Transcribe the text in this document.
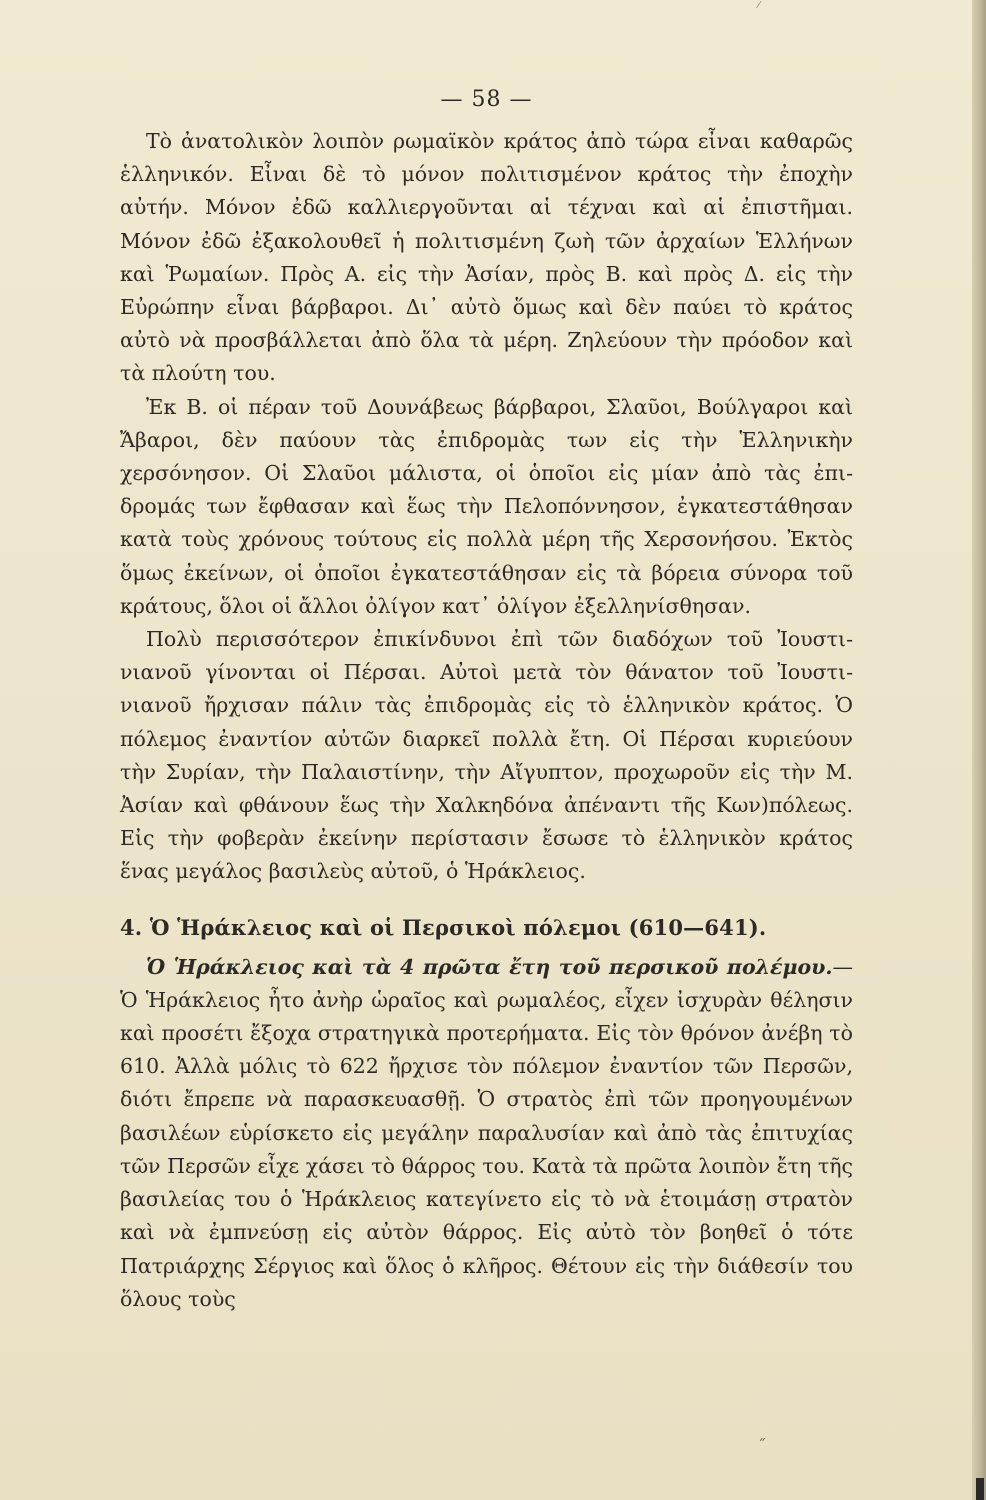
⁄
— 58 —

Τὸ ἀνατολικὸν λοιπὸν ρωμαϊκὸν κράτος ἀπὸ τώρα εἶναι καθαρῶς ἑλληνικόν. Εἶναι δὲ τὸ μόνον πολιτισμένον κράτος τὴν ἐποχὴν αὐτήν. Μόνον ἐδῶ καλλιεργοῦνται αἱ τέχναι καὶ αἱ ἐπιστῆμαι. Μόνον ἐδῶ ἐξακολουθεῖ ἡ πολιτισμένη ζωὴ τῶν ἀρχαίων Ἑλλήνων καὶ Ῥωμαίων. Πρὸς Α. εἰς τὴν Ἀσίαν, πρὸς Β. καὶ πρὸς Δ. εἰς τὴν Εὐρώπην εἶναι βάρβαροι. Δι᾽ αὐτὸ ὅμως καὶ δὲν παύει τὸ κράτος αὐτὸ νὰ προσβάλλεται ἀπὸ ὅλα τὰ μέρη. Ζηλεύουν τὴν πρόοδον καὶ τὰ πλούτη του.

Ἐκ Β. οἱ πέραν τοῦ Δουνάβεως βάρβαροι, Σλαῦοι, Βούλγαροι καὶ Ἄβαροι, δὲν παύουν τὰς ἐπιδρομὰς των εἰς τὴν Ἑλληνικὴν χερσόνησον. Οἱ Σλαῦοι μάλιστα, οἱ ὁποῖοι εἰς μίαν ἀπὸ τὰς ἐπιδρομάς των ἔφθασαν καὶ ἕως τὴν Πελοπόννησον, ἐγκατεστάθησαν κατὰ τοὺς χρόνους τούτους εἰς πολλὰ μέρη τῆς Χερσονήσου. Ἐκτὸς ὅμως ἐκείνων, οἱ ὁποῖοι ἐγκατεστάθησαν εἰς τὰ βόρεια σύνορα τοῦ κράτους, ὅλοι οἱ ἄλλοι ὀλίγον κατ᾽ ὀλίγον ἐξελληνίσθησαν.

Πολὺ περισσότερον ἐπικίνδυνοι ἐπὶ τῶν διαδόχων τοῦ Ἰουστινιανοῦ γίνονται οἱ Πέρσαι. Αὐτοὶ μετὰ τὸν θάνατον τοῦ Ἰουστινιανοῦ ἤρχισαν πάλιν τὰς ἐπιδρομὰς εἰς τὸ ἑλληνικὸν κράτος. Ὁ πόλεμος ἐναντίον αὐτῶν διαρκεῖ πολλὰ ἔτη. Οἱ Πέρσαι κυριεύουν τὴν Συρίαν, τὴν Παλαιστίνην, τὴν Αἴγυπτον, προχωροῦν εἰς τὴν Μ. Ἀσίαν καὶ φθάνουν ἕως τὴν Χαλκηδόνα ἀπέναντι τῆς Κων)πόλεως. Εἰς τὴν φοβερὰν ἐκείνην περίστασιν ἔσωσε τὸ ἑλληνικὸν κράτος ἕνας μεγάλος βασιλεὺς αὐτοῦ, ὁ Ἡράκλειος.

4. Ὁ Ἡράκλειος καὶ οἱ Περσικοὶ πόλεμοι (610—641).

Ὁ Ἡράκλειος καὶ τὰ 4 πρῶτα ἔτη τοῦ περσικοῦ πολέμου.—Ὁ Ἡράκλειος ἦτο ἀνὴρ ὡραῖος καὶ ρωμαλέος, εἶχεν ἰσχυρὰν θέλησιν καὶ προσέτι ἔξοχα στρατηγικὰ προτερήματα. Εἰς τὸν θρόνον ἀνέβη τὸ 610. Ἀλλὰ μόλις τὸ 622 ἤρχισε τὸν πόλεμον ἐναντίον τῶν Περσῶν, διότι ἔπρεπε νὰ παρασκευασθῇ. Ὁ στρατὸς ἐπὶ τῶν προηγουμένων βασιλέων εὑρίσκετο εἰς μεγάλην παραλυσίαν καὶ ἀπὸ τὰς ἐπιτυχίας τῶν Περσῶν εἶχε χάσει τὸ θάρρος του. Κατὰ τὰ πρῶτα λοιπὸν ἔτη τῆς βασιλείας του ὁ Ἡράκλειος κατεγίνετο εἰς τὸ νὰ ἑτοιμάσῃ στρατὸν καὶ νὰ ἐμπνεύσῃ εἰς αὐτὸν θάρρος. Εἰς αὐτὸ τὸν βοηθεῖ ὁ τότε Πατριάρχης Σέργιος καὶ ὅλος ὁ κλῆρος. Θέτουν εἰς τὴν διάθεσίν του ὅλους τοὺς

˝
